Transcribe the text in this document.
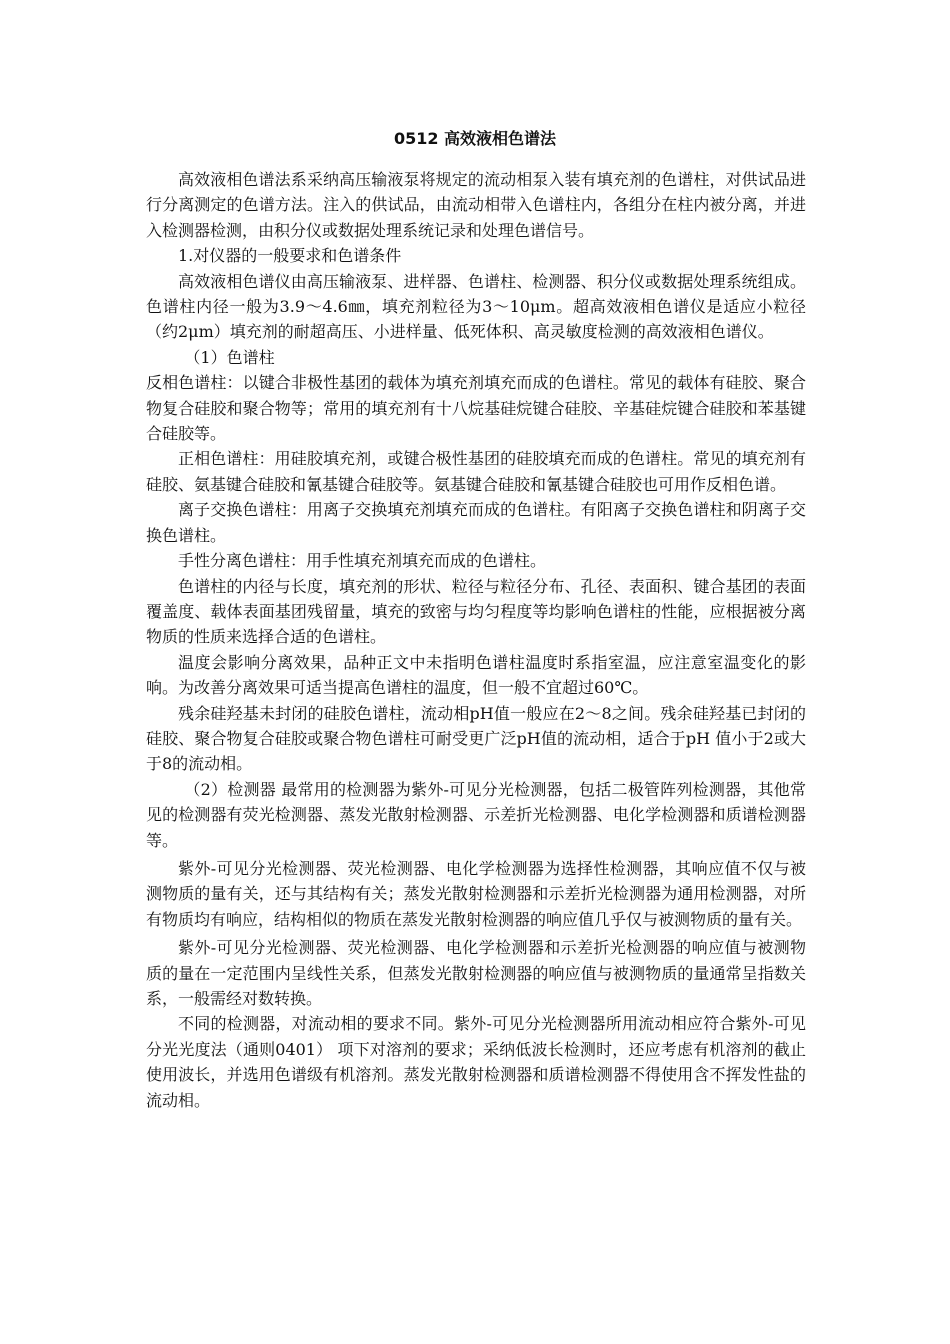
0512 高效液相色谱法

高效液相色谱法系采纳高压输液泵将规定的流动相泵入装有填充剂的色谱柱，对供试品进行分离测定的色谱方法。注入的供试品，由流动相带入色谱柱内，各组分在柱内被分离，并进入检测器检测，由积分仪或数据处理系统记录和处理色谱信号。

1.对仪器的一般要求和色谱条件

高效液相色谱仪由高压输液泵、进样器、色谱柱、检测器、积分仪或数据处理系统组成。色谱柱内径一般为3.9～4.6㎜，填充剂粒径为3～10μm。超高效液相色谱仪是适应小粒径（约2μm）填充剂的耐超高压、小进样量、低死体积、高灵敏度检测的高效液相色谱仪。

（1）色谱柱

反相色谱柱：以键合非极性基团的载体为填充剂填充而成的色谱柱。常见的载体有硅胶、聚合物复合硅胶和聚合物等；常用的填充剂有十八烷基硅烷键合硅胶、辛基硅烷键合硅胶和苯基键合硅胶等。

正相色谱柱：用硅胶填充剂，或键合极性基团的硅胶填充而成的色谱柱。常见的填充剂有硅胶、氨基键合硅胶和氰基键合硅胶等。氨基键合硅胶和氰基键合硅胶也可用作反相色谱。

离子交换色谱柱：用离子交换填充剂填充而成的色谱柱。有阳离子交换色谱柱和阴离子交换色谱柱。

手性分离色谱柱：用手性填充剂填充而成的色谱柱。

色谱柱的内径与长度，填充剂的形状、粒径与粒径分布、孔径、表面积、键合基团的表面覆盖度、载体表面基团残留量，填充的致密与均匀程度等均影响色谱柱的性能，应根据被分离物质的性质来选择合适的色谱柱。

温度会影响分离效果，品种正文中未指明色谱柱温度时系指室温，应注意室温变化的影响。为改善分离效果可适当提高色谱柱的温度，但一般不宜超过60℃。

残余硅羟基未封闭的硅胶色谱柱，流动相pH值一般应在2～8之间。残余硅羟基已封闭的硅胶、聚合物复合硅胶或聚合物色谱柱可耐受更广泛pH值的流动相，适合于pH 值小于2或大于8的流动相。

（2）检测器 最常用的检测器为紫外-可见分光检测器，包括二极管阵列检测器，其他常见的检测器有荧光检测器、蒸发光散射检测器、示差折光检测器、电化学检测器和质谱检测器等。

紫外-可见分光检测器、荧光检测器、电化学检测器为选择性检测器，其响应值不仅与被测物质的量有关，还与其结构有关；蒸发光散射检测器和示差折光检测器为通用检测器，对所有物质均有响应，结构相似的物质在蒸发光散射检测器的响应值几乎仅与被测物质的量有关。

紫外-可见分光检测器、荧光检测器、电化学检测器和示差折光检测器的响应值与被测物质的量在一定范围内呈线性关系，但蒸发光散射检测器的响应值与被测物质的量通常呈指数关系，一般需经对数转换。

不同的检测器，对流动相的要求不同。紫外-可见分光检测器所用流动相应符合紫外-可见分光光度法（通则0401） 项下对溶剂的要求；采纳低波长检测时，还应考虑有机溶剂的截止使用波长，并选用色谱级有机溶剂。蒸发光散射检测器和质谱检测器不得使用含不挥发性盐的流动相。
